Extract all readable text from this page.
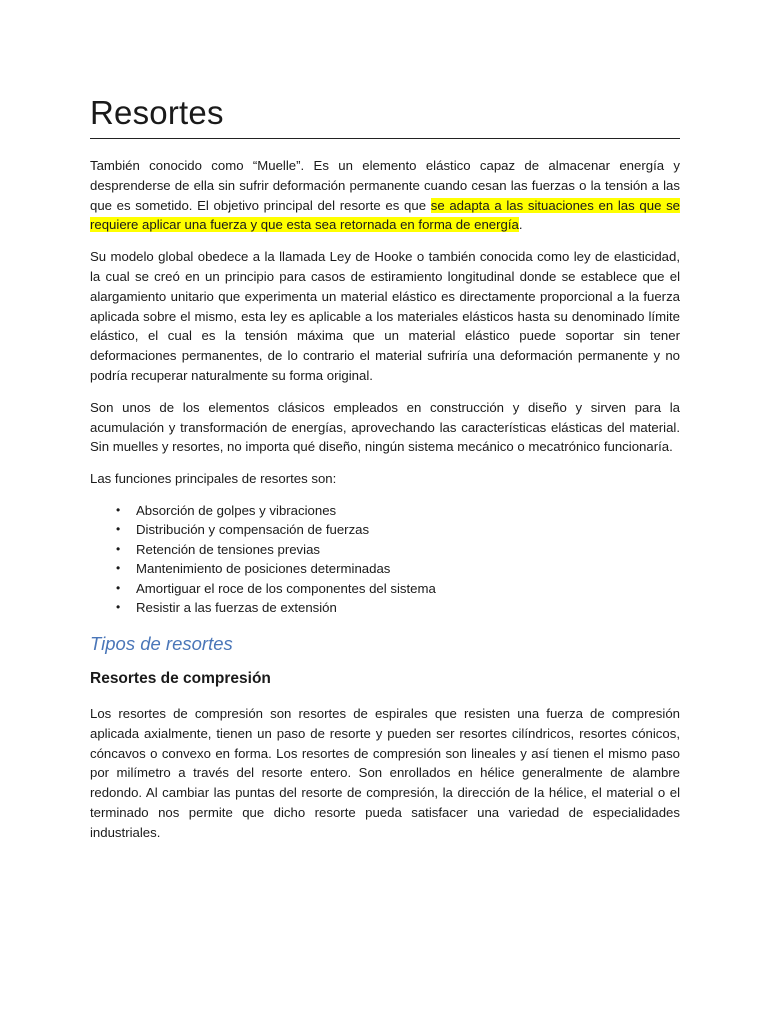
Resortes

También conocido como “Muelle”. Es un elemento elástico capaz de almacenar energía y desprenderse de ella sin sufrir deformación permanente cuando cesan las fuerzas o la tensión a las que es sometido. El objetivo principal del resorte es que se adapta a las situaciones en las que se requiere aplicar una fuerza y que esta sea retornada en forma de energía.

Su modelo global obedece a la llamada Ley de Hooke o también conocida como ley de elasticidad, la cual se creó en un principio para casos de estiramiento longitudinal donde se establece que el alargamiento unitario que experimenta un material elástico es directamente proporcional a la fuerza aplicada sobre el mismo, esta ley es aplicable a los materiales elásticos hasta su denominado límite elástico, el cual es la tensión máxima que un material elástico puede soportar sin tener deformaciones permanentes, de lo contrario el material sufriría una deformación permanente y no podría recuperar naturalmente su forma original.

Son unos de los elementos clásicos empleados en construcción y diseño y sirven para la acumulación y transformación de energías, aprovechando las características elásticas del material. Sin muelles y resortes, no importa qué diseño, ningún sistema mecánico o mecatrónico funcionaría.

Las funciones principales de resortes son:

• Absorción de golpes y vibraciones
• Distribución y compensación de fuerzas
• Retención de tensiones previas
• Mantenimiento de posiciones determinadas
• Amortiguar el roce de los componentes del sistema
• Resistir a las fuerzas de extensión
Tipos de resortes
Resortes de compresión

Los resortes de compresión son resortes de espirales que resisten una fuerza de compresión aplicada axialmente, tienen un paso de resorte y pueden ser resortes cilíndricos, resortes cónicos, cóncavos o convexo en forma. Los resortes de compresión son lineales y así tienen el mismo paso por milímetro a través del resorte entero. Son enrollados en hélice generalmente de alambre redondo. Al cambiar las puntas del resorte de compresión, la dirección de la hélice, el material o el terminado nos permite que dicho resorte pueda satisfacer una variedad de especialidades industriales.
